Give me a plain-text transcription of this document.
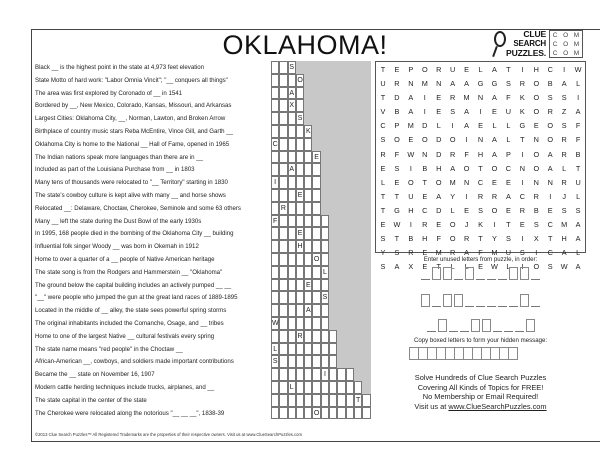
OKLAHOMA!	CLUE
SEARCH
PUZZLES.
C O M
C O M
C O M
Black __ is the highest point in the state at 4,973 feet elevation
State Motto of hard work: "Labor Omnia Vincit"; "__ conquers all things"
The area was first explored by Coronado of __ in 1541
Bordered by __, New Mexico, Colorado, Kansas, Missouri, and Arkansas
Largest Cities: Oklahoma City, __, Norman, Lawton, and Broken Arrow
Birthplace of country music stars Reba McEntire, Vince Gill, and Garth __
Oklahoma City is home to the National __ Hall of Fame, opened in 1965
The Indian nations speak more languages than there are in __
Included as part of the Louisiana Purchase from __ in 1803
Many tens of thousands were relocated to "__ Territory" starting in 1830
The state's cowboy culture is kept alive with many __ and horse shows
Relocated __: Delaware, Choctaw, Cherokee, Seminole and some 63 others
Many __ left the state during the Dust Bowl of the early 1930s
In 1995, 168 people died in the bombing of the Oklahoma City __ building
Influential folk singer Woody __ was born in Okemah in 1912
Home to over a quarter of a __ people of Native American heritage
The state song is from the Rodgers and Hammerstein __ "Oklahoma"
The ground below the capital building includes an actively pumped __ __
"__" were people who jumped the gun at the great land races of 1889-1895
Located in the middle of __ alley, the state sees powerful spring storms
The original inhabitants included the Comanche, Osage, and __ tribes
Home to one of the largest Native __ cultural festivals every spring
The state name means "red people" in the Choctaw __
African-American __, cowboys, and soldiers made important contributions
Became the __ state on November 16, 1907
Modern cattle herding techniques include trucks, airplanes, and __
The state capital in the center of the state
The Cherokee were relocated along the notorious "__ __ __", 1838-39
S
O
A
X
S
K
C
E
A
I
E
R
F
E
H
O
L
E
S
A
W
R
L
S
I
L
T
O
T	E	P	O	R	U	E	L	A	T	I	H	C	I	W
U	R	N	M	N	A	A	G	G	S	R	O	B	A	L
T	D	A	I	E	R	M	N	A	F	K	O	S	S	I
V	B	A	I	E	S	A	I	E	U	K	O	R	Z	A
C	P	M	D	L	I	A	E	L	L	G	E	O	S	F
S	O	E	O	D	O	I	N	A	L	T	N	O	R	F
R	F	W	N	D	R	F	H	A	P	I	O	A	R	B
E	S	I	B	H	A	O	T	O	C	N	O	A	L	T
L	E	O	T	O	M	N	C	E	E	I	N	N	R	U
T	T	U	E	A	Y	I	R	R	A	C	R	I	J	L
T	G	H	C	D	L	E	S	O	E	R	B	E	S	S
E	W	I	R	E	O	J	K	I	T	E	S	C	M	A
S	T	B	H	F	O	R	T	Y	S	I	X	T	H	A
Y	S	R	E	M	R	A	F	M	U	S	I	C	A	L
S	A	X	E	T	L	L	E	W	L	I	O	S	W	A
Enter unused letters from puzzle, in order:
Copy boxed letters to form your hidden message:
Solve Hundreds of Clue Search Puzzles
Covering All Kinds of Topics for FREE!
No Membership or Email Required!
Visit us at www.ClueSearchPuzzles.com
©2013 Clue Search Puzzles™ All Registered Trademarks are the properties of their respective owners. Visit us at www.ClueSearchPuzzles.com
